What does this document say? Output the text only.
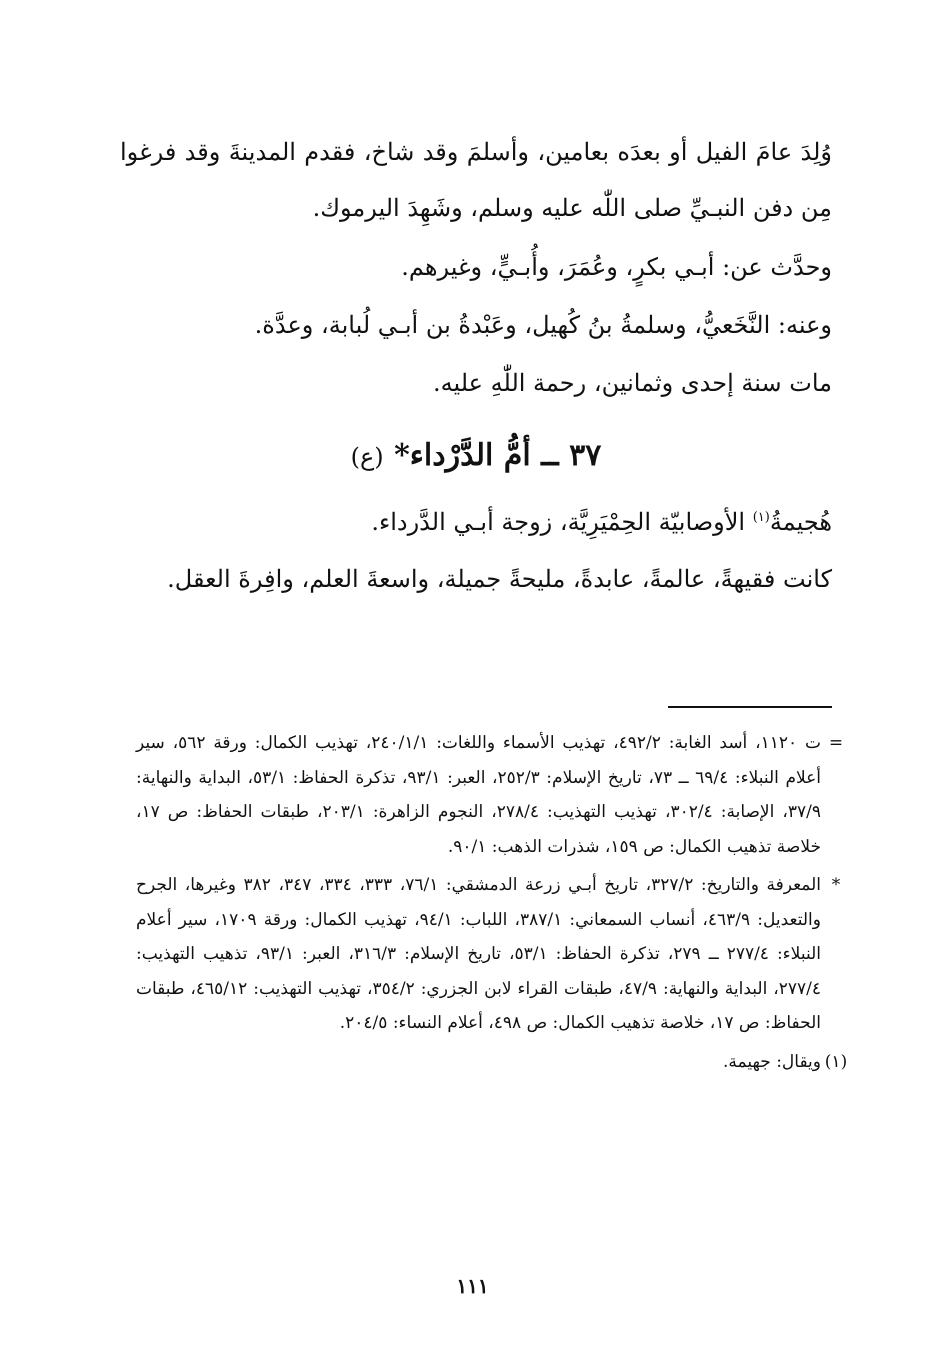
وُلِدَ عامَ الفيل أو بعدَه بعامين، وأسلمَ وقد شاخ، فقدم المدينةَ وقد فرغوا مِن دفن النبـيِّ صلى اللّٰه عليه وسلم، وشَهِدَ اليرموك.

وحدَّث عن: أبـي بكرٍ، وعُمَرَ، وأُبـيٍّ، وغيرهم.

وعنه: النَّخَعيُّ، وسلمةُ بنُ كُهيل، وعَبْدةُ بن أبـي لُبابة، وعدَّة.

مات سنة إحدى وثمانين، رحمة اللّٰهِ عليه.

٣٧ ــ أمُّ الدَّرْداء* (ع)

هُجيمةُ$^{(١)}$ الأوصابيّة الحِمْيَرِيَّة، زوجة أبـي الدَّرداء.

كانت فقيهةً، عالمةً، عابدةً، مليحةً جميلة، واسعةَ العلم، وافِرةَ العقل.

=
ت ١١٢٠، أسد الغابة: ٤٩٢/٢، تهذيب الأسماء واللغات: ٢٤٠/١/١، تهذيب الكمال: ورقة ٥٦٢، سير أعلام النبلاء: ٦٩/٤ ــ ٧٣، تاريخ الإسلام: ٢٥٢/٣، العبر: ٩٣/١، تذكرة الحفاظ: ٥٣/١، البداية والنهاية: ٣٧/٩، الإصابة: ٣٠٢/٤، تهذيب التهذيب: ٢٧٨/٤، النجوم الزاهرة: ٢٠٣/١، طبقات الحفاظ: ص ١٧، خلاصة تذهيب الكمال: ص ١٥٩، شذرات الذهب: ٩٠/١.
*
المعرفة والتاريخ: ٣٢٧/٢، تاريخ أبـي زرعة الدمشقي: ٧٦/١، ٣٣٣، ٣٣٤، ٣٤٧، ٣٨٢ وغيرها، الجرح والتعديل: ٤٦٣/٩، أنساب السمعاني: ٣٨٧/١، اللباب: ٩٤/١، تهذيب الكمال: ورقة ١٧٠٩، سير أعلام النبلاء: ٢٧٧/٤ ــ ٢٧٩، تذكرة الحفاظ: ٥٣/١، تاريخ الإسلام: ٣١٦/٣، العبر: ٩٣/١، تذهيب التهذيب: ٢٧٧/٤، البداية والنهاية: ٤٧/٩، طبقات القراء لابن الجزري: ٣٥٤/٢، تهذيب التهذيب: ٤٦٥/١٢، طبقات الحفاظ: ص ١٧، خلاصة تذهيب الكمال: ص ٤٩٨، أعلام النساء: ٢٠٤/٥.
(١)
ويقال: جهيمة.
١١١
